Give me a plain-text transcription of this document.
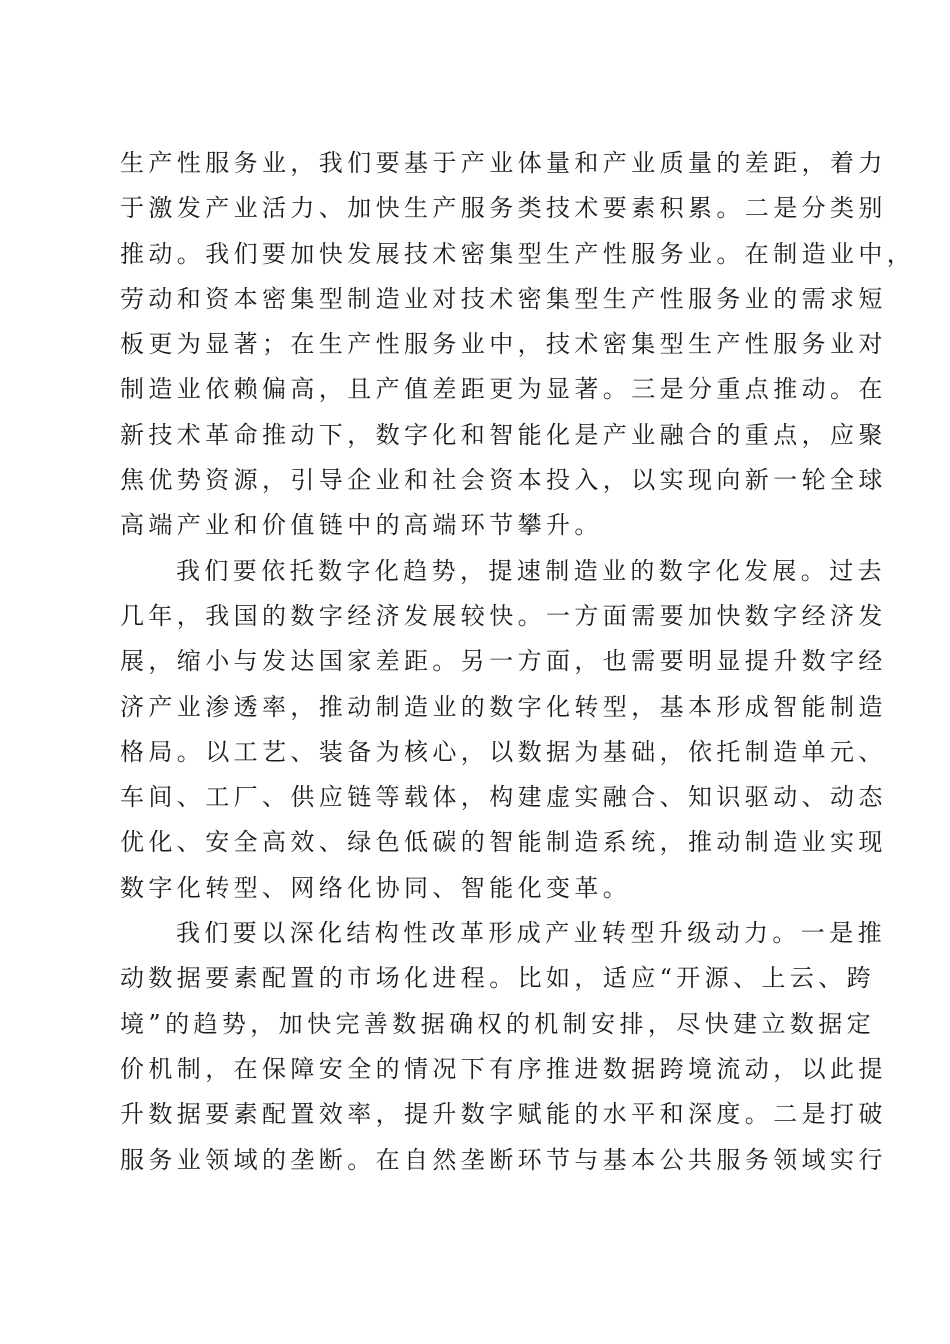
生产性服务业，我们要基于产业体量和产业质量的差距，着力
于激发产业活力、加快生产服务类技术要素积累。二是分类别
推动。我们要加快发展技术密集型生产性服务业。在制造业中，
劳动和资本密集型制造业对技术密集型生产性服务业的需求短
板更为显著；在生产性服务业中，技术密集型生产性服务业对
制造业依赖偏高，且产值差距更为显著。三是分重点推动。在
新技术革命推动下，数字化和智能化是产业融合的重点，应聚
焦优势资源，引导企业和社会资本投入，以实现向新一轮全球
高端产业和价值链中的高端环节攀升。
我们要依托数字化趋势，提速制造业的数字化发展。过去
几年，我国的数字经济发展较快。一方面需要加快数字经济发
展，缩小与发达国家差距。另一方面，也需要明显提升数字经
济产业渗透率，推动制造业的数字化转型，基本形成智能制造
格局。以工艺、装备为核心，以数据为基础，依托制造单元、
车间、工厂、供应链等载体，构建虚实融合、知识驱动、动态
优化、安全高效、绿色低碳的智能制造系统，推动制造业实现
数字化转型、网络化协同、智能化变革。
我们要以深化结构性改革形成产业转型升级动力。一是推
动数据要素配置的市场化进程。比如，适应“开源、上云、跨
境”的趋势，加快完善数据确权的机制安排，尽快建立数据定
价机制，在保障安全的情况下有序推进数据跨境流动，以此提
升数据要素配置效率，提升数字赋能的水平和深度。二是打破
服务业领域的垄断。在自然垄断环节与基本公共服务领域实行
